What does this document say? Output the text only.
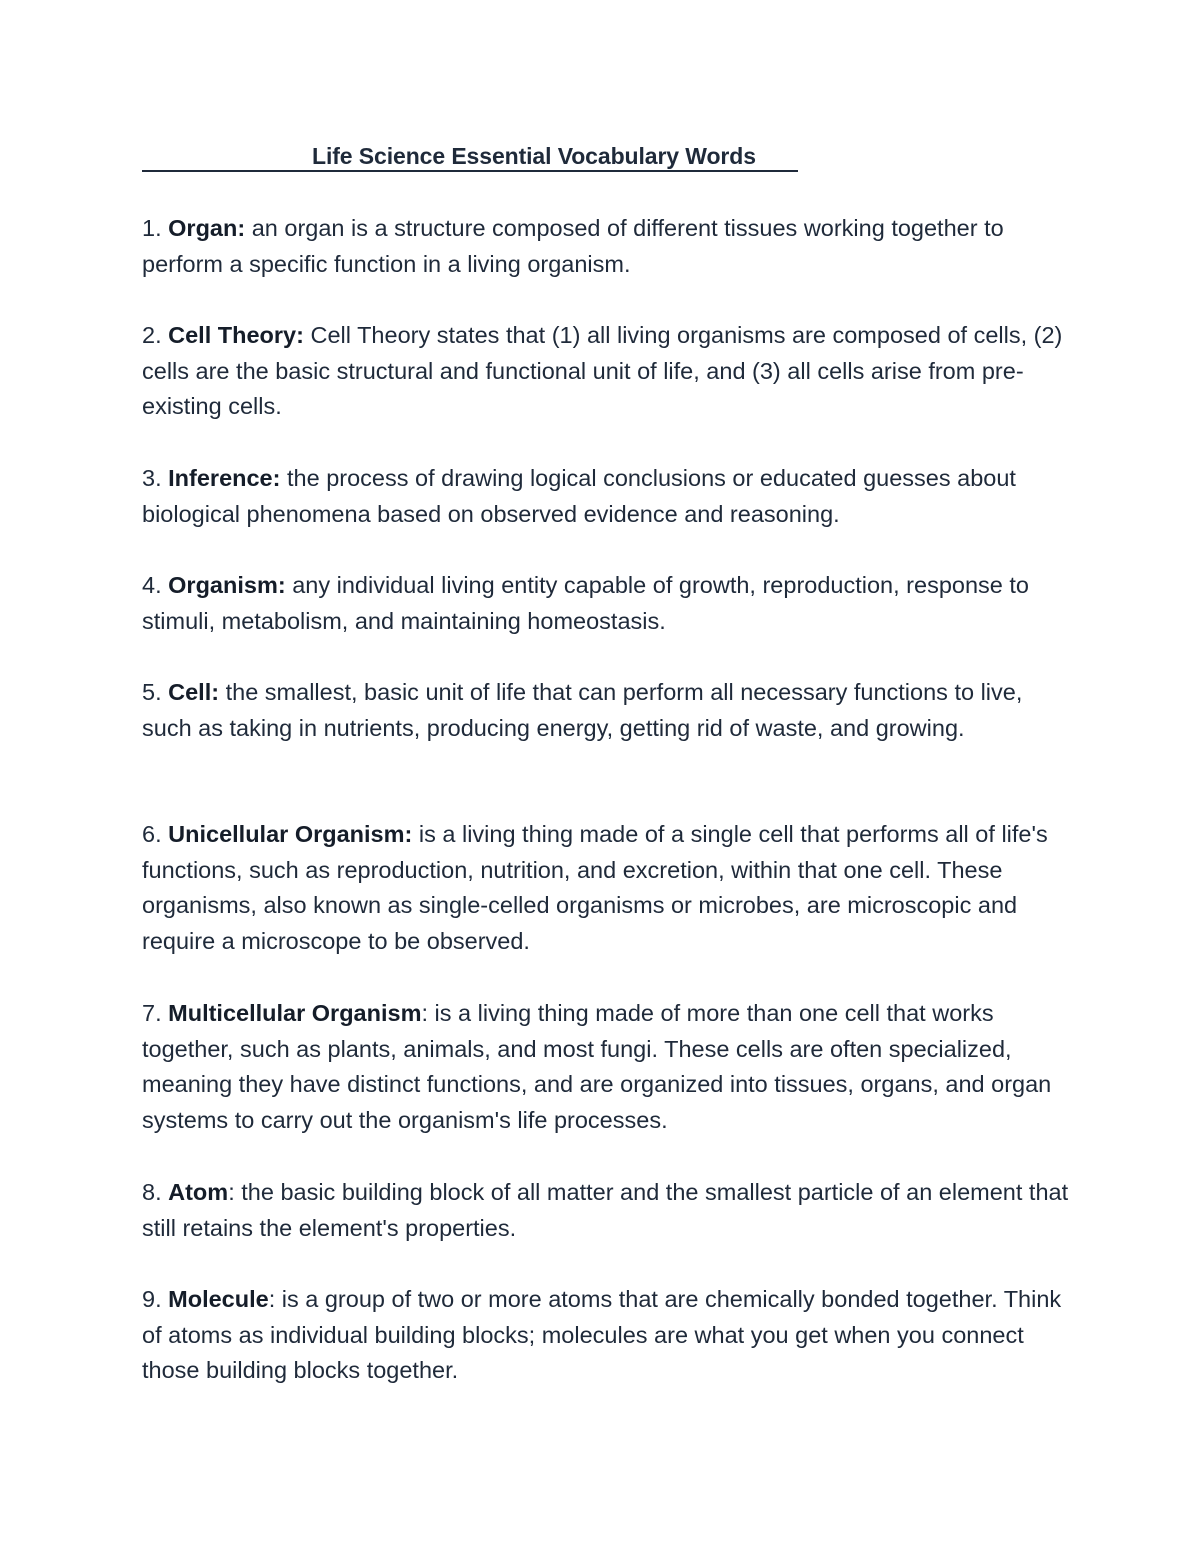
Life Science Essential Vocabulary Words
1. Organ: an organ is a structure composed of different tissues working together to perform a specific function in a living organism.
2. Cell Theory: Cell Theory states that (1) all living organisms are composed of cells, (2) cells are the basic structural and functional unit of life, and (3) all cells arise from pre-existing cells.
3. Inference: the process of drawing logical conclusions or educated guesses about biological phenomena based on observed evidence and reasoning.
4. Organism: any individual living entity capable of growth, reproduction, response to stimuli, metabolism, and maintaining homeostasis.
5. Cell: the smallest, basic unit of life that can perform all necessary functions to live, such as taking in nutrients, producing energy, getting rid of waste, and growing.
6. Unicellular Organism: is a living thing made of a single cell that performs all of life's functions, such as reproduction, nutrition, and excretion, within that one cell. These organisms, also known as single-celled organisms or microbes, are microscopic and require a microscope to be observed.
7. Multicellular Organism: is a living thing made of more than one cell that works together, such as plants, animals, and most fungi. These cells are often specialized, meaning they have distinct functions, and are organized into tissues, organs, and organ systems to carry out the organism's life processes.
8. Atom: the basic building block of all matter and the smallest particle of an element that still retains the element's properties.
9. Molecule: is a group of two or more atoms that are chemically bonded together. Think of atoms as individual building blocks; molecules are what you get when you connect those building blocks together.
